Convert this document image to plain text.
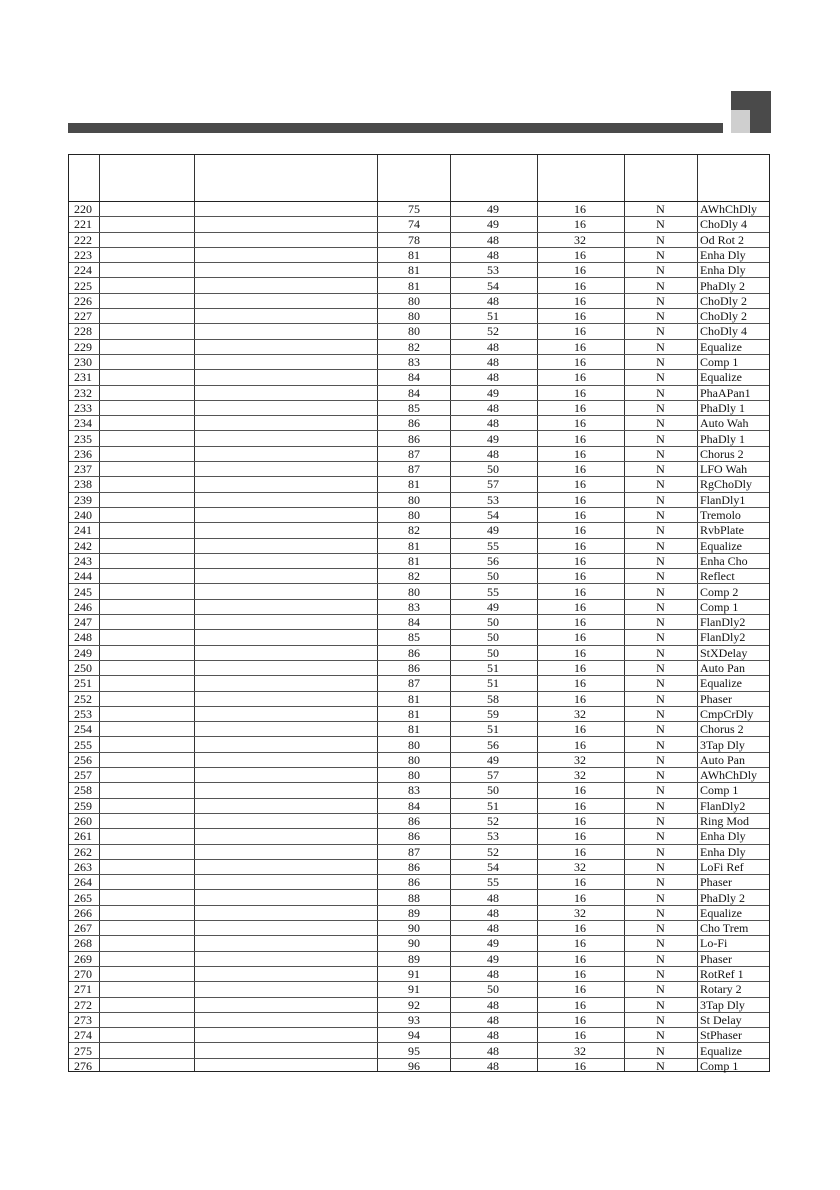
220	75	49	16	N	AWhChDly
221	74	49	16	N	ChoDly 4
222	78	48	32	N	Od Rot 2
223	81	48	16	N	Enha Dly
224	81	53	16	N	Enha Dly
225	81	54	16	N	PhaDly 2
226	80	48	16	N	ChoDly 2
227	80	51	16	N	ChoDly 2
228	80	52	16	N	ChoDly 4
229	82	48	16	N	Equalize
230	83	48	16	N	Comp 1
231	84	48	16	N	Equalize
232	84	49	16	N	PhaAPan1
233	85	48	16	N	PhaDly 1
234	86	48	16	N	Auto Wah
235	86	49	16	N	PhaDly 1
236	87	48	16	N	Chorus 2
237	87	50	16	N	LFO Wah
238	81	57	16	N	RgChoDly
239	80	53	16	N	FlanDly1
240	80	54	16	N	Tremolo
241	82	49	16	N	RvbPlate
242	81	55	16	N	Equalize
243	81	56	16	N	Enha Cho
244	82	50	16	N	Reflect
245	80	55	16	N	Comp 2
246	83	49	16	N	Comp 1
247	84	50	16	N	FlanDly2
248	85	50	16	N	FlanDly2
249	86	50	16	N	StXDelay
250	86	51	16	N	Auto Pan
251	87	51	16	N	Equalize
252	81	58	16	N	Phaser
253	81	59	32	N	CmpCrDly
254	81	51	16	N	Chorus 2
255	80	56	16	N	3Tap Dly
256	80	49	32	N	Auto Pan
257	80	57	32	N	AWhChDly
258	83	50	16	N	Comp 1
259	84	51	16	N	FlanDly2
260	86	52	16	N	Ring Mod
261	86	53	16	N	Enha Dly
262	87	52	16	N	Enha Dly
263	86	54	32	N	LoFi Ref
264	86	55	16	N	Phaser
265	88	48	16	N	PhaDly 2
266	89	48	32	N	Equalize
267	90	48	16	N	Cho Trem
268	90	49	16	N	Lo-Fi
269	89	49	16	N	Phaser
270	91	48	16	N	RotRef 1
271	91	50	16	N	Rotary 2
272	92	48	16	N	3Tap Dly
273	93	48	16	N	St Delay
274	94	48	16	N	StPhaser
275	95	48	32	N	Equalize
276	96	48	16	N	Comp 1
